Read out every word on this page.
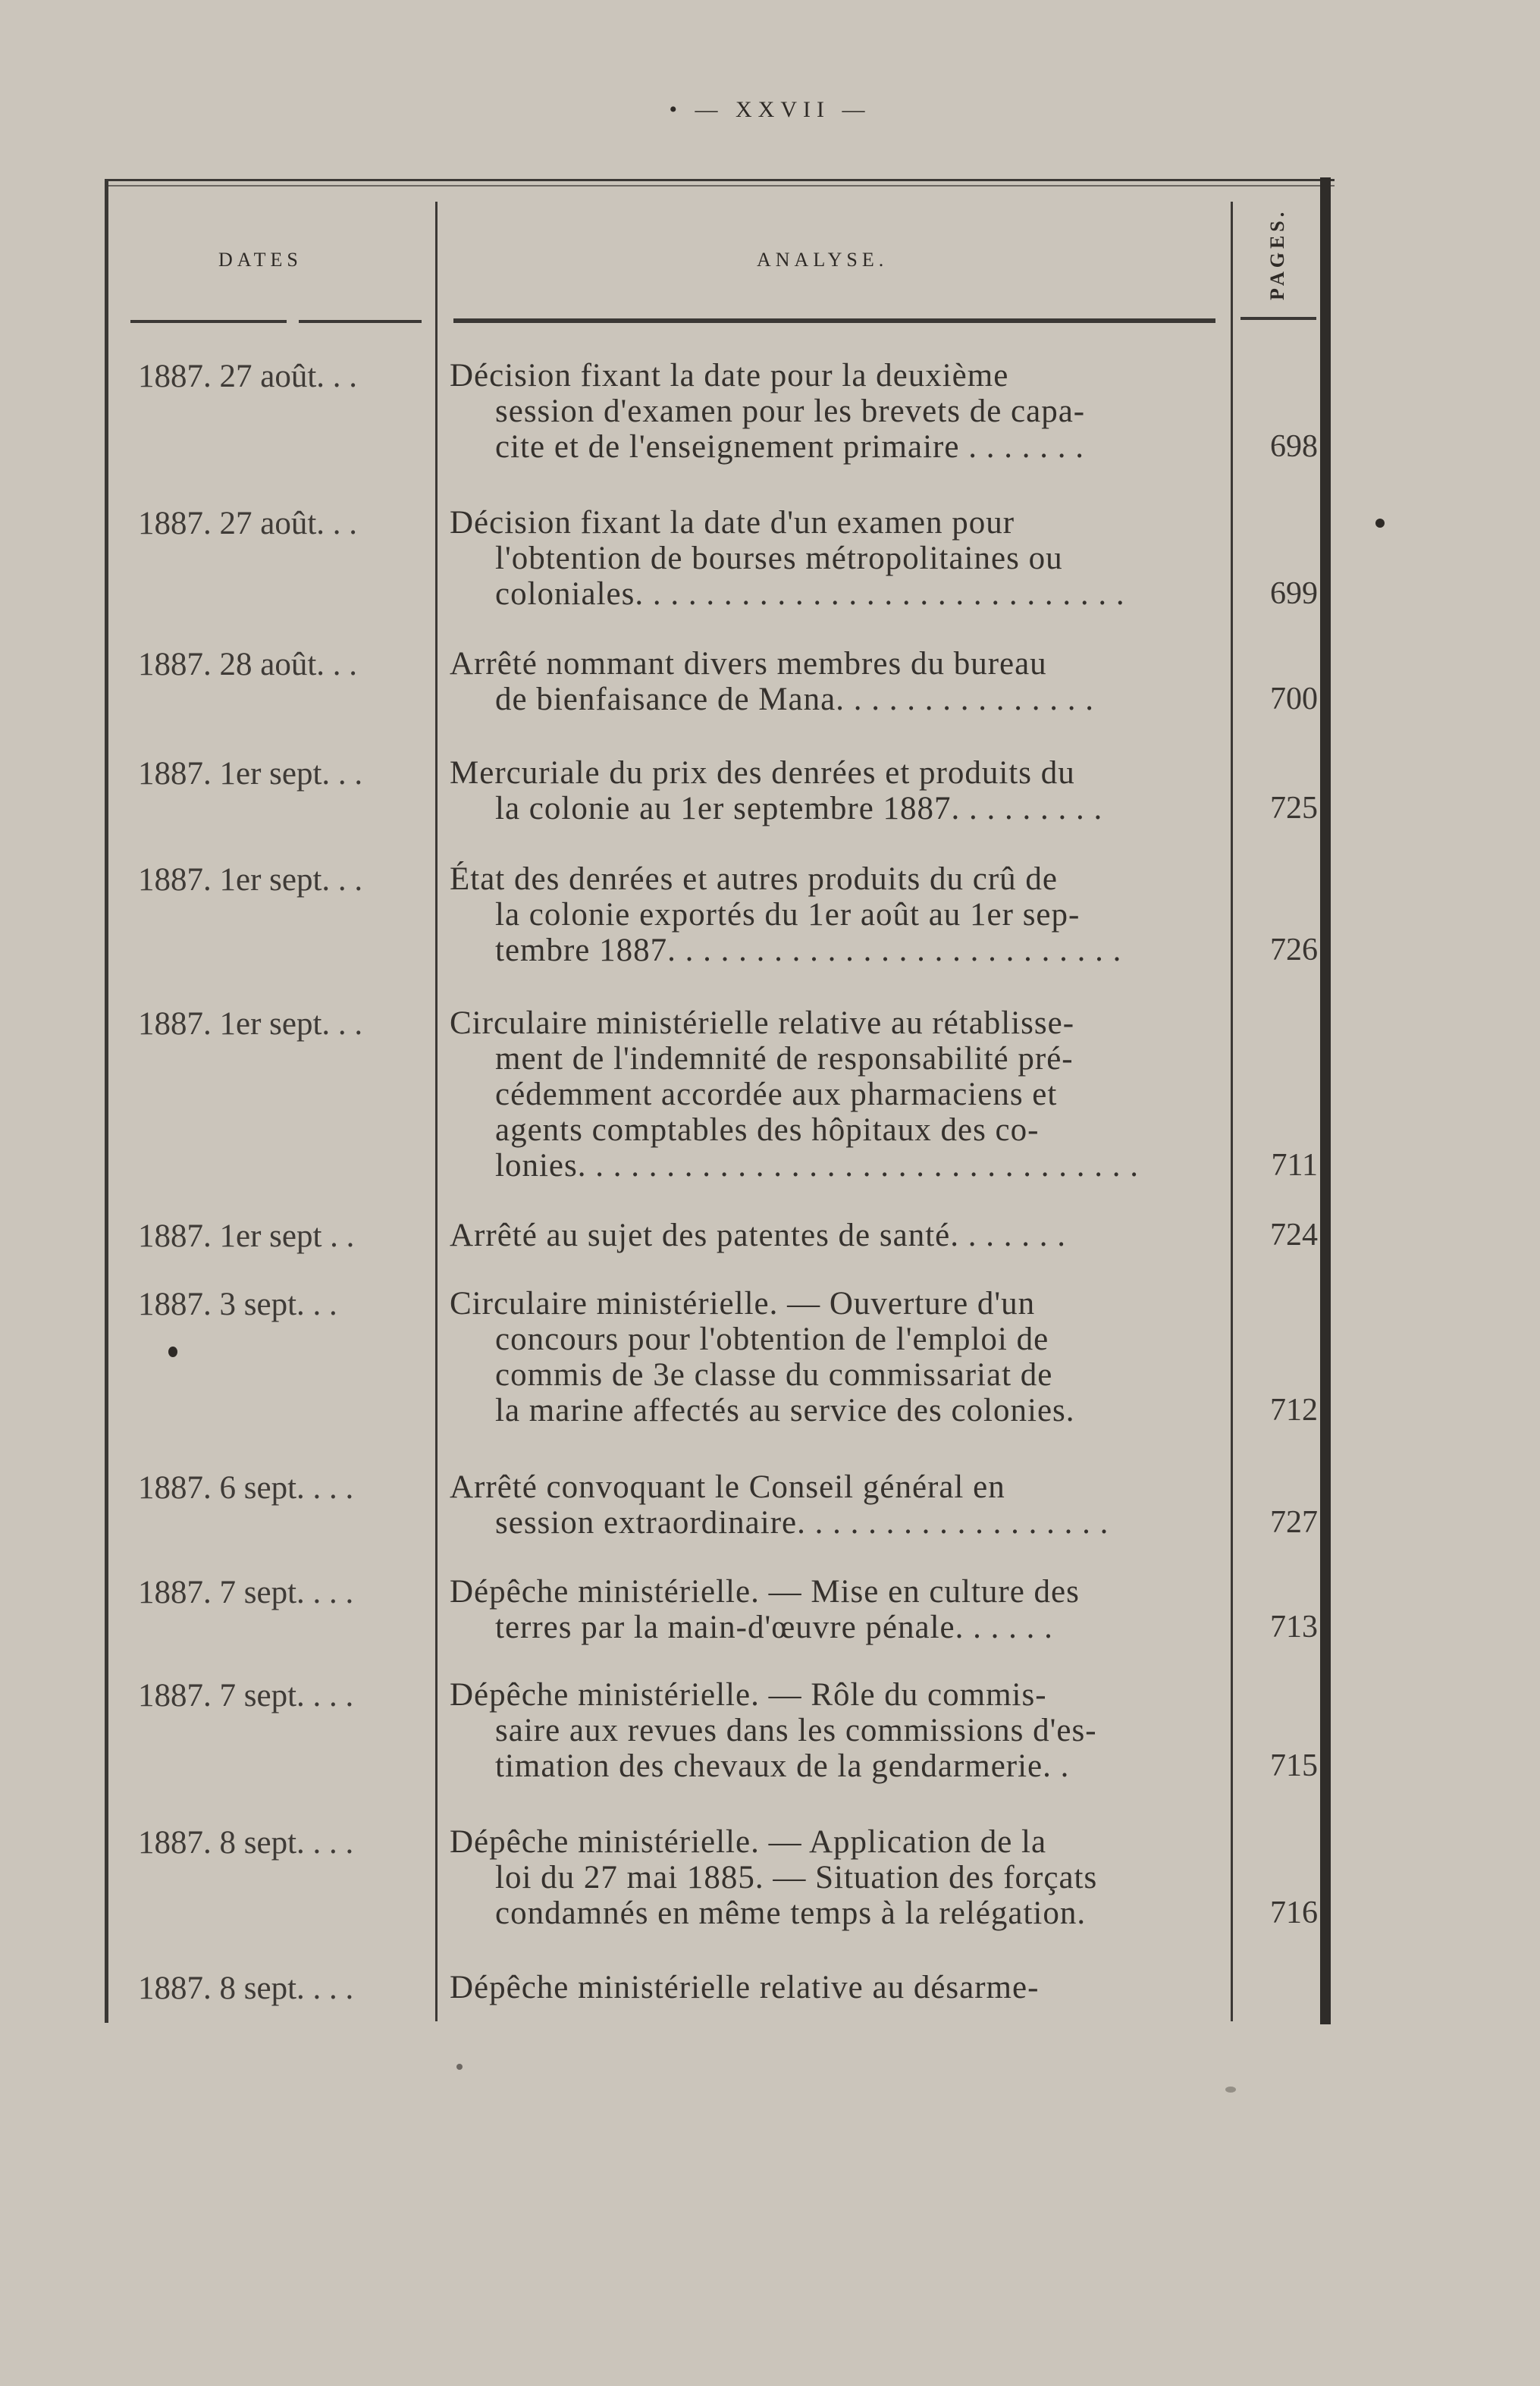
• — XXVII —
DATES	ANALYSE.	PAGES.
1887. 27 août. . .	Décision fixant la date pour la deuxième
session d'examen pour les brevets de capa-
cite et de l'enseignement primaire . . . . . . .	698
1887. 27 août. . .	Décision fixant la date d'un examen pour
l'obtention de bourses métropolitaines ou
coloniales. . . . . . . . . . . . . . . . . . . . . . . . . . . .	699
1887. 28 août. . .	Arrêté nommant divers membres du bureau
de bienfaisance de Mana. . . . . . . . . . . . . . .	700
1887. 1er sept. . .	Mercuriale du prix des denrées et produits du
la colonie au 1er septembre 1887. . . . . . . . .	725
1887. 1er sept. . .	État des denrées et autres produits du crû de
la colonie exportés du 1er août au 1er sep-
tembre 1887. . . . . . . . . . . . . . . . . . . . . . . . . .	726
1887. 1er sept. . .	Circulaire ministérielle relative au rétablisse-
ment de l'indemnité de responsabilité pré-
cédemment accordée aux pharmaciens et
agents comptables des hôpitaux des co-
lonies. . . . . . . . . . . . . . . . . . . . . . . . . . . . . . . .	711
1887. 1er sept . .	Arrêté au sujet des patentes de santé. . . . . . .	724
1887. 3 sept. . .	Circulaire ministérielle. — Ouverture d'un
concours pour l'obtention de l'emploi de
commis de 3e classe du commissariat de
la marine affectés au service des colonies.	712
1887. 6 sept. . . .	Arrêté convoquant le Conseil général en
session extraordinaire. . . . . . . . . . . . . . . . . .	727
1887. 7 sept. . . .	Dépêche ministérielle. — Mise en culture des
terres par la main-d'œuvre pénale. . . . . .	713
1887. 7 sept. . . .	Dépêche ministérielle. — Rôle du commis-
saire aux revues dans les commissions d'es-
timation des chevaux de la gendarmerie. .	715
1887. 8 sept. . . .	Dépêche ministérielle. — Application de la
loi du 27 mai 1885. — Situation des forçats
condamnés en même temps à la relégation.	716
1887. 8 sept. . . .	Dépêche ministérielle relative au désarme-
